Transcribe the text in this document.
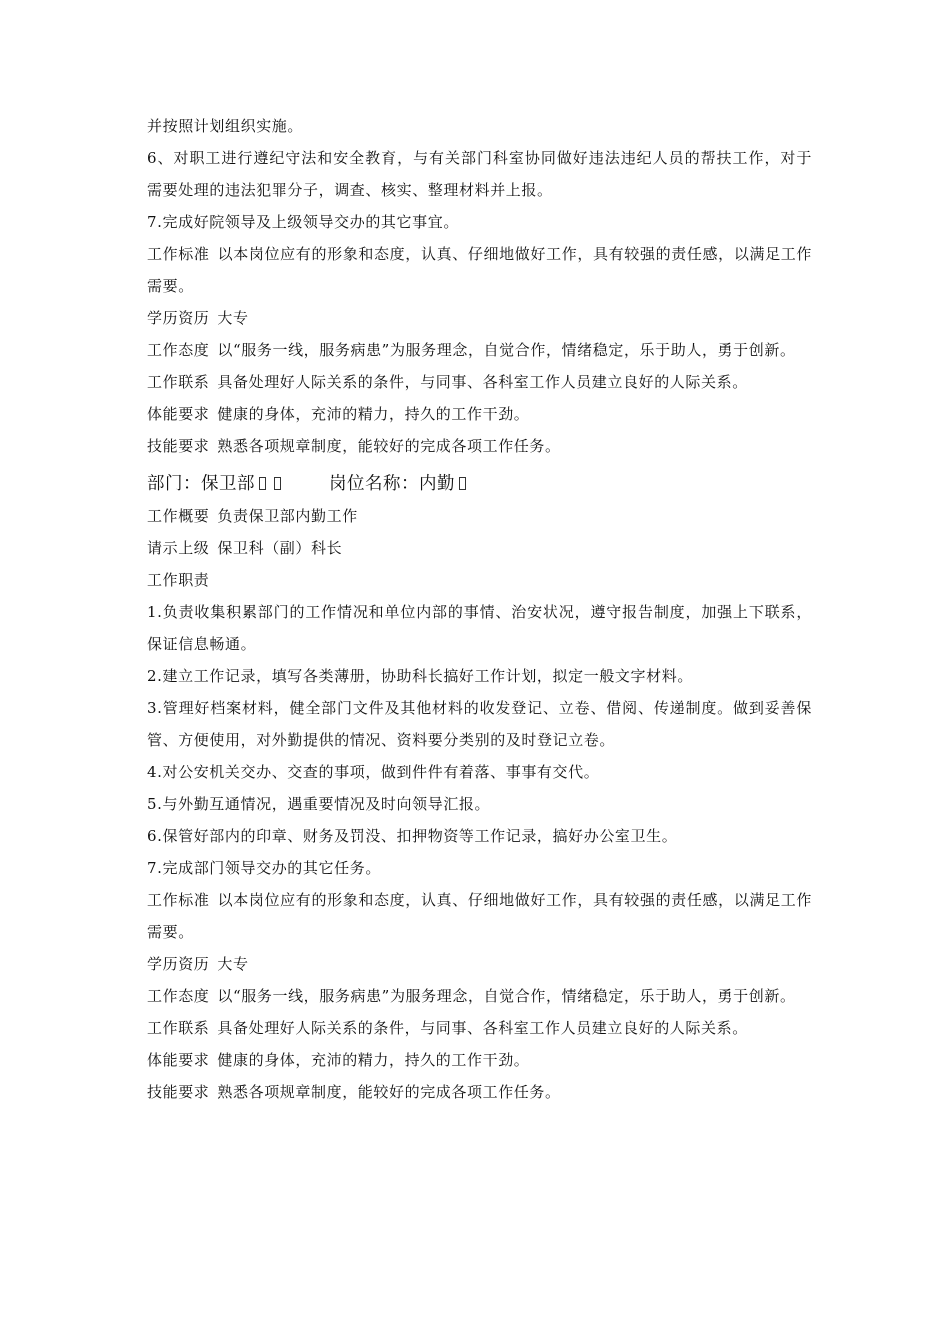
并按照计划组织实施。

6、对职工进行遵纪守法和安全教育，与有关部门科室协同做好违法违纪人员的帮扶工作，对于需要处理的违法犯罪分子，调查、核实、整理材料并上报。

7.完成好院领导及上级领导交办的其它事宜。

工作标准 以本岗位应有的形象和态度，认真、仔细地做好工作，具有较强的责任感，以满足工作需要。

学历资历 大专

工作态度 以“服务一线，服务病患”为服务理念，自觉合作，情绪稳定，乐于助人，勇于创新。

工作联系 具备处理好人际关系的条件，与同事、各科室工作人员建立良好的人际关系。

体能要求 健康的身体，充沛的精力，持久的工作干劲。

技能要求 熟悉各项规章制度，能较好的完成各项工作任务。

部门：保卫部	岗位名称：内勤

工作概要 负责保卫部内勤工作

请示上级 保卫科（副）科长

工作职责

1.负责收集积累部门的工作情况和单位内部的事情、治安状况，遵守报告制度，加强上下联系，保证信息畅通。

2.建立工作记录，填写各类薄册，协助科长搞好工作计划，拟定一般文字材料。

3.管理好档案材料，健全部门文件及其他材料的收发登记、立卷、借阅、传递制度。做到妥善保管、方便使用，对外勤提供的情况、资料要分类别的及时登记立卷。

4.对公安机关交办、交查的事项，做到件件有着落、事事有交代。

5.与外勤互通情况，遇重要情况及时向领导汇报。

6.保管好部内的印章、财务及罚没、扣押物资等工作记录，搞好办公室卫生。

7.完成部门领导交办的其它任务。

工作标准 以本岗位应有的形象和态度，认真、仔细地做好工作，具有较强的责任感，以满足工作需要。

学历资历 大专

工作态度 以“服务一线，服务病患”为服务理念，自觉合作，情绪稳定，乐于助人，勇于创新。

工作联系 具备处理好人际关系的条件，与同事、各科室工作人员建立良好的人际关系。

体能要求 健康的身体，充沛的精力，持久的工作干劲。

技能要求 熟悉各项规章制度，能较好的完成各项工作任务。
